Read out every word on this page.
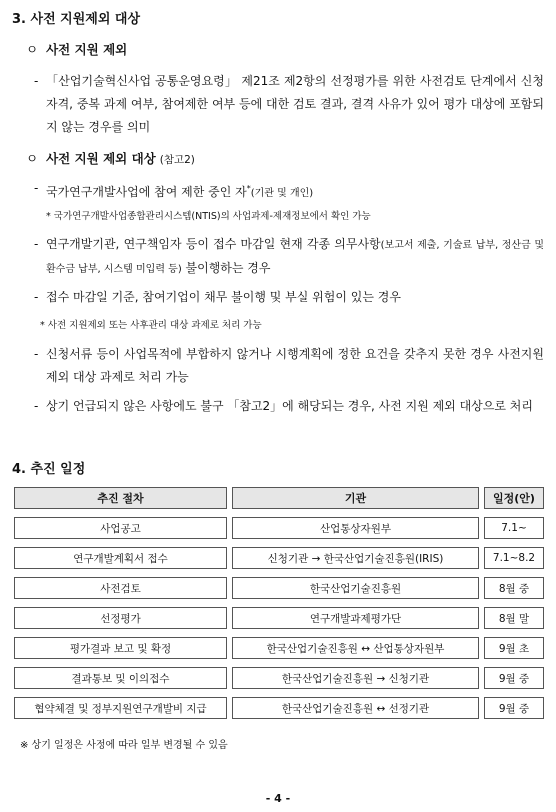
3. 사전 지원제외 대상
ㅇ 사전 지원 제외
- 「산업기술혁신사업 공통운영요령」 제21조 제2항의 선정평가를 위한 사전검토 단계에서 신청 자격, 중복 과제 여부, 참여제한 여부 등에 대한 검토 결과, 결격 사유가 있어 평가 대상에 포함되지 않는 경우를 의미
ㅇ 사전 지원 제외 대상 (참고2)
- 국가연구개발사업에 참여 제한 중인 자*(기관 및 개인)
* 국가연구개발사업종합관리시스템(NTIS)의 사업과제-제재정보에서 확인 가능
- 연구개발기관, 연구책임자 등이 접수 마감일 현재 각종 의무사항(보고서 제출, 기술료 납부, 정산금 및 환수금 납부, 시스템 미입력 등) 불이행하는 경우
- 접수 마감일 기준, 참여기업이 채무 불이행 및 부실 위험이 있는 경우
* 사전 지원제외 또는 사후관리 대상 과제로 처리 가능
- 신청서류 등이 사업목적에 부합하지 않거나 시행계획에 정한 요건을 갖추지 못한 경우 사전지원제외 대상 과제로 처리 가능
- 상기 언급되지 않은 사항에도 불구 「참고2」에 해당되는 경우, 사전 지원 제외 대상으로 처리
4. 추진 일정
추진 절차	기관	일정(안)
사업공고	산업통상자원부	7.1~
연구개발계획서 접수	신청기관 → 한국산업기술진흥원(IRIS)	7.1~8.2
사전검토	한국산업기술진흥원	8월 중
선정평가	연구개발과제평가단	8월 말
평가결과 보고 및 확정	한국산업기술진흥원 ↔ 산업통상자원부	9월 초
결과통보 및 이의접수	한국산업기술진흥원 → 신청기관	9월 중
협약체결 및 정부지원연구개발비 지급	한국산업기술진흥원 ↔ 선정기관	9월 중
※ 상기 일정은 사정에 따라 일부 변경될 수 있음
- 4 -
